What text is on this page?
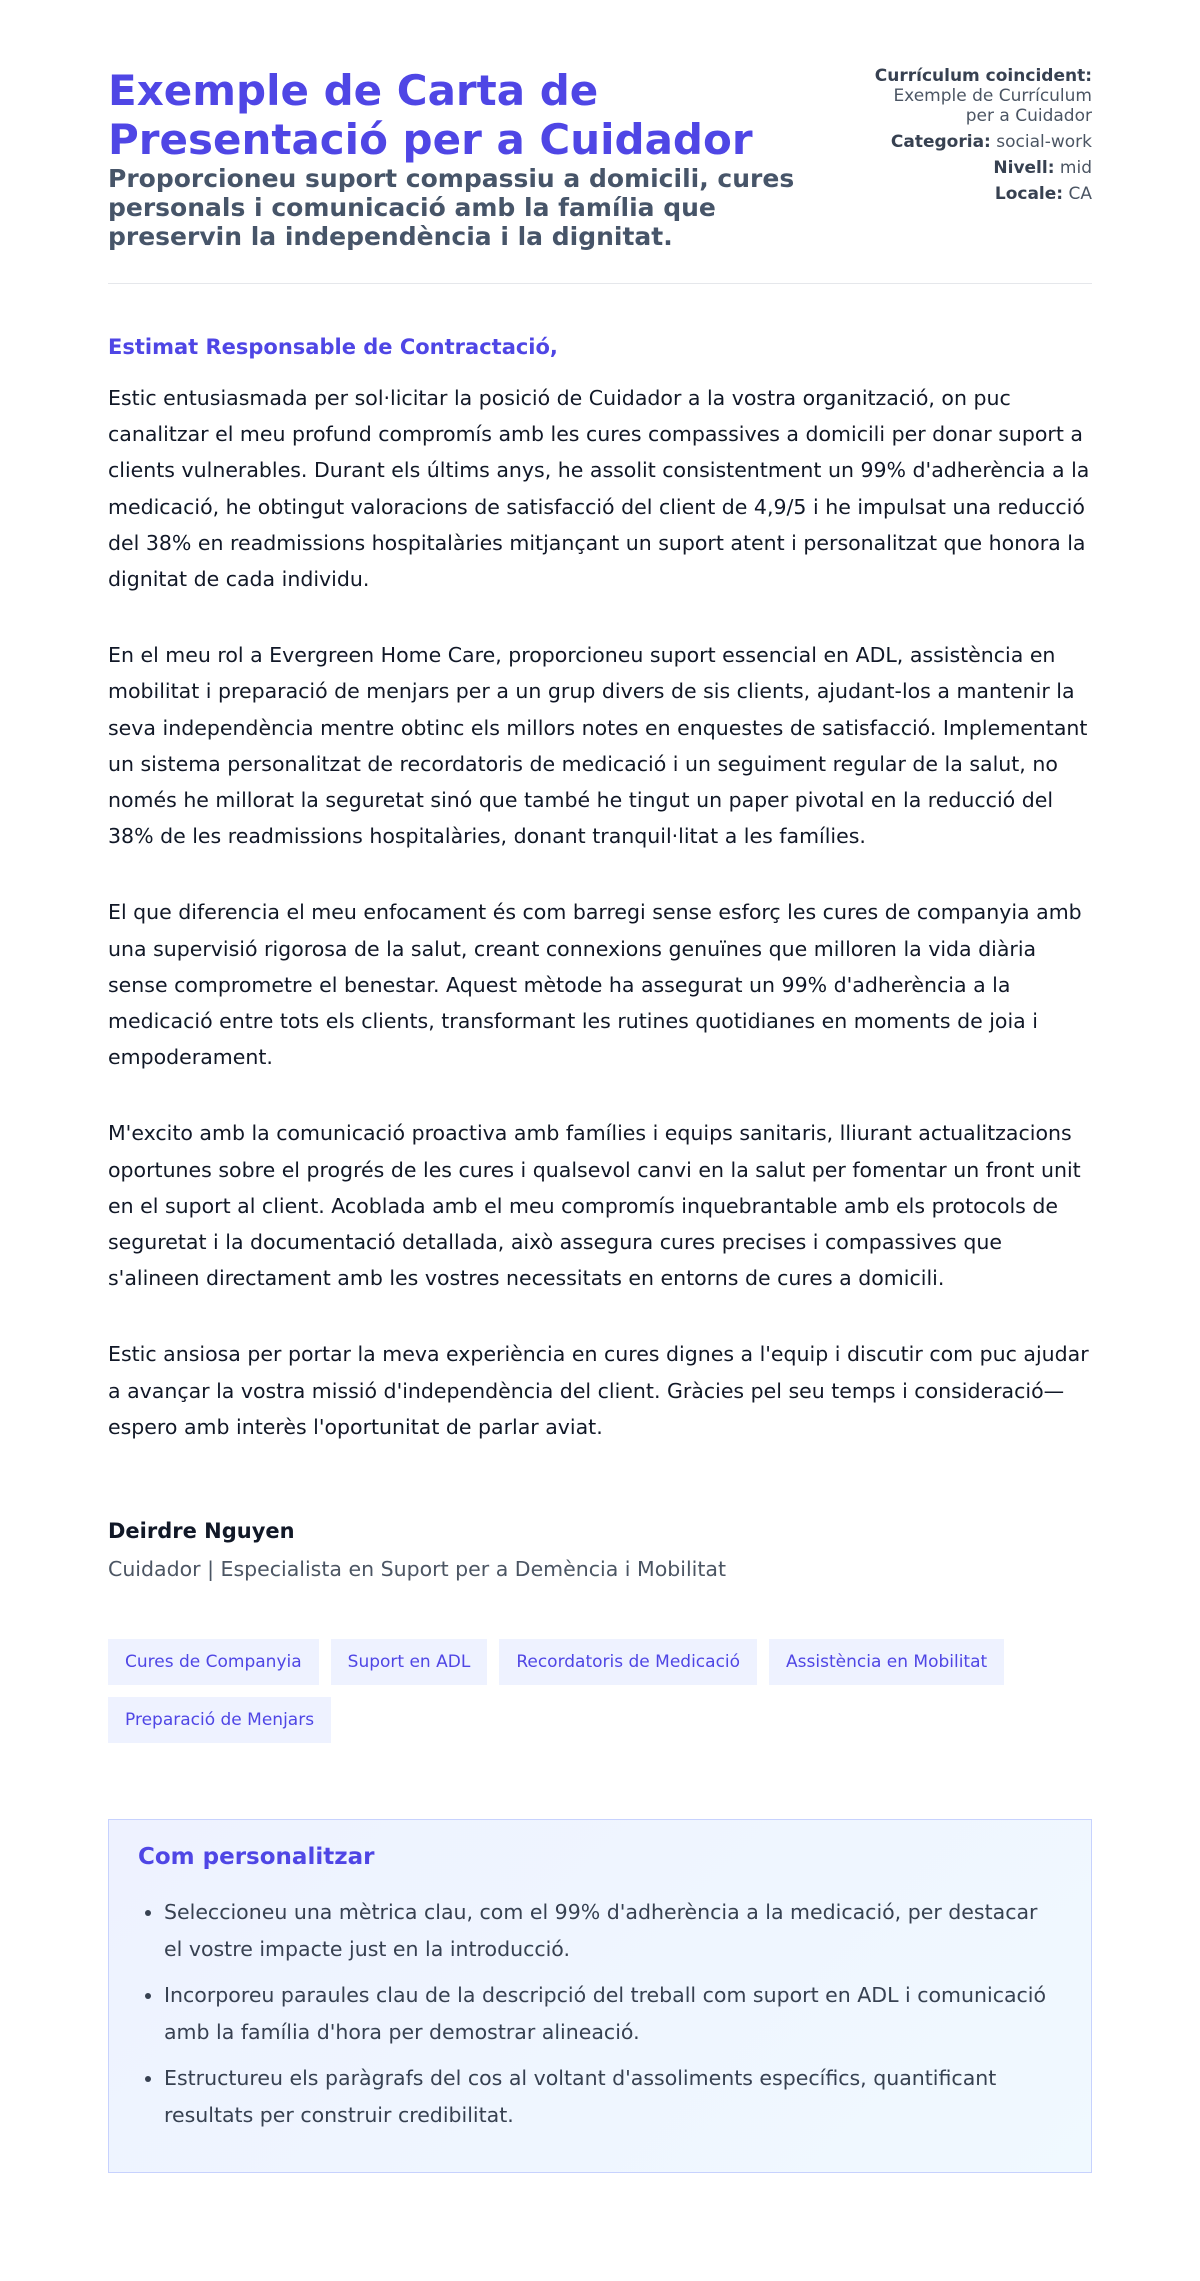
Exemple de Carta de Presentació per a Cuidador

Proporcioneu suport compassiu a domicili, cures personals i comunicació amb la família que preservin la independència i la dignitat.

Currículum coincident: Exemple de Currículum per a Cuidador
Categoria: social-work
Nivell: mid
Locale: CA
Estimat Responsable de Contractació,

Estic entusiasmada per sol·licitar la posició de Cuidador a la vostra organització, on puc canalitzar el meu profund compromís amb les cures compassives a domicili per donar suport a clients vulnerables. Durant els últims anys, he assolit consistentment un 99% d'adherència a la medicació, he obtingut valoracions de satisfacció del client de 4,9/5 i he impulsat una reducció del 38% en readmissions hospitalàries mitjançant un suport atent i personalitzat que honora la dignitat de cada individu.

En el meu rol a Evergreen Home Care, proporcioneu suport essencial en ADL, assistència en mobilitat i preparació de menjars per a un grup divers de sis clients, ajudant-los a mantenir la seva independència mentre obtinc els millors notes en enquestes de satisfacció. Implementant un sistema personalitzat de recordatoris de medicació i un seguiment regular de la salut, no només he millorat la seguretat sinó que també he tingut un paper pivotal en la reducció del 38% de les readmissions hospitalàries, donant tranquil·litat a les famílies.

El que diferencia el meu enfocament és com barregi sense esforç les cures de companyia amb una supervisió rigorosa de la salut, creant connexions genuïnes que milloren la vida diària sense comprometre el benestar. Aquest mètode ha assegurat un 99% d'adherència a la medicació entre tots els clients, transformant les rutines quotidianes en moments de joia i empoderament.

M'excito amb la comunicació proactiva amb famílies i equips sanitaris, lliurant actualitzacions oportunes sobre el progrés de les cures i qualsevol canvi en la salut per fomentar un front unit en el suport al client. Acoblada amb el meu compromís inquebrantable amb els protocols de seguretat i la documentació detallada, això assegura cures precises i compassives que s'alineen directament amb les vostres necessitats en entorns de cures a domicili.

Estic ansiosa per portar la meva experiència en cures dignes a l'equip i discutir com puc ajudar a avançar la vostra missió d'independència del client. Gràcies pel seu temps i consideració—espero amb interès l'oportunitat de parlar aviat.

Deirdre Nguyen
Cuidador | Especialista en Suport per a Demència i Mobilitat
Cures de Companyia	Suport en ADL	Recordatoris de Medicació	Assistència en Mobilitat
Preparació de Menjars
Com personalitzar
• Seleccioneu una mètrica clau, com el 99% d'adherència a la medicació, per destacar el vostre impacte just en la introducció.
• Incorporeu paraules clau de la descripció del treball com suport en ADL i comunicació amb la família d'hora per demostrar alineació.
• Estructureu els paràgrafs del cos al voltant d'assoliments específics, quantificant resultats per construir credibilitat.
